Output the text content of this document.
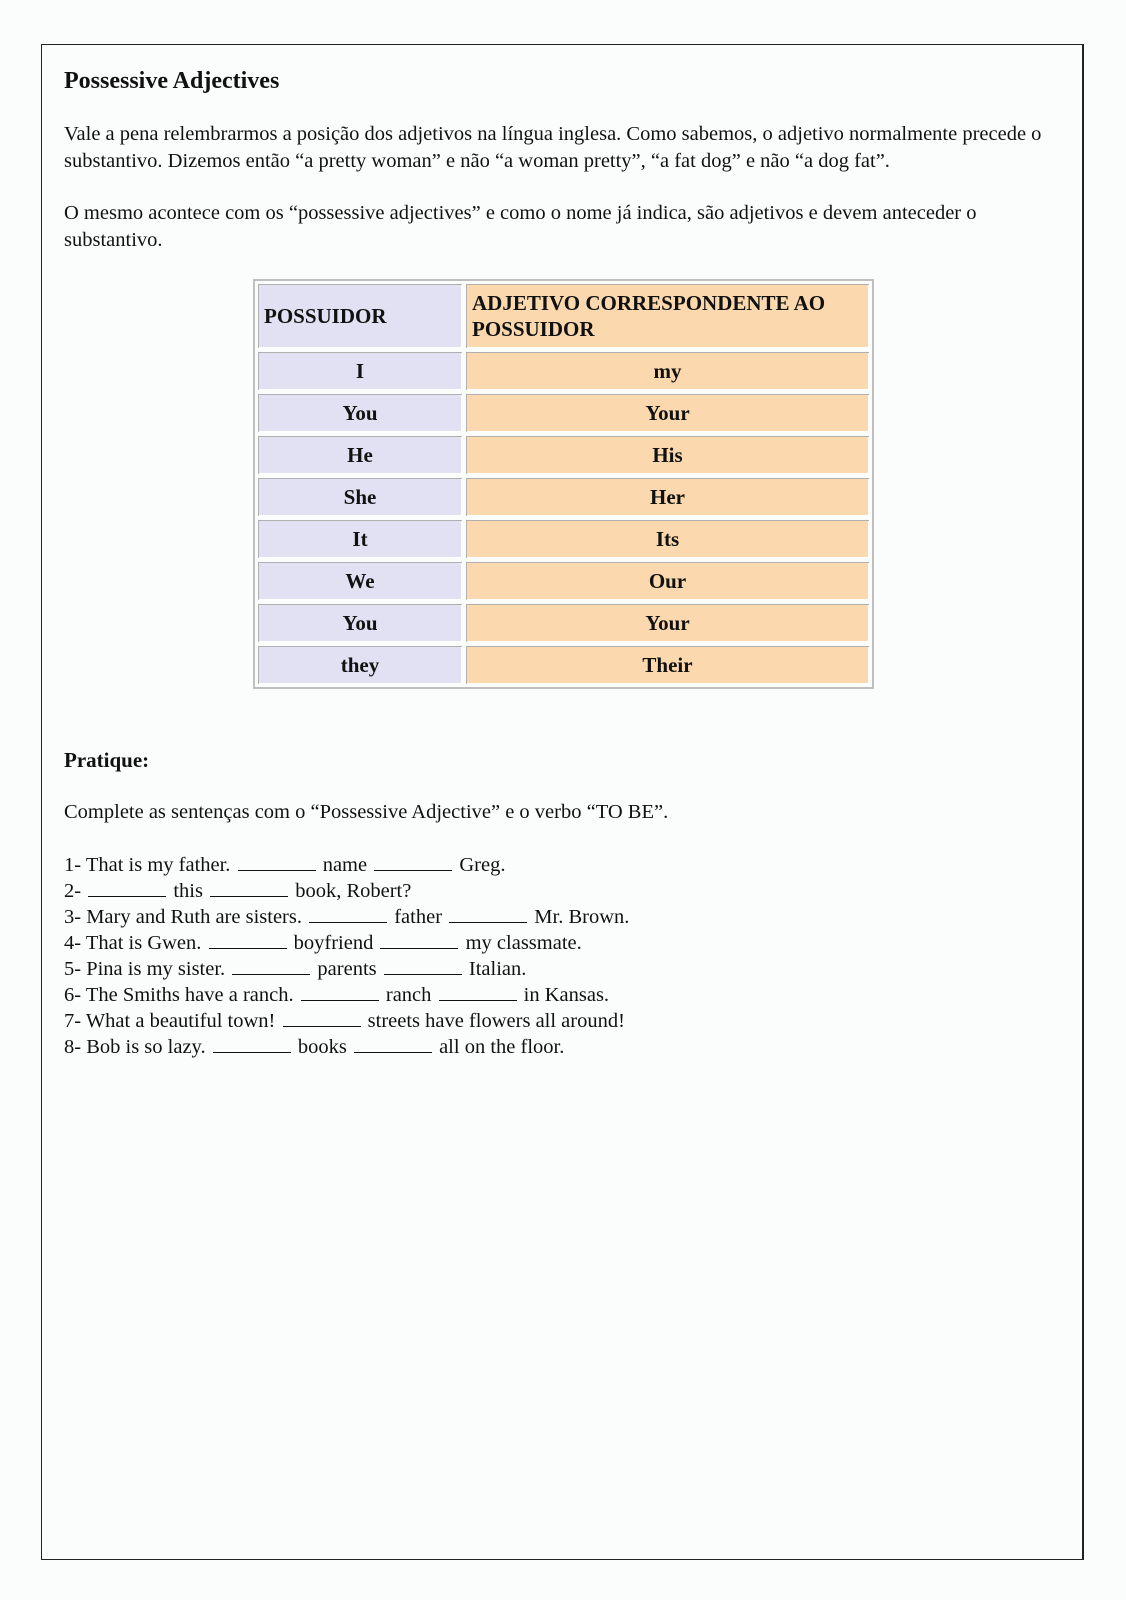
Possessive Adjectives

Vale a pena relembrarmos a posição dos adjetivos na língua inglesa. Como sabemos, o adjetivo normalmente precede o substantivo. Dizemos então “a pretty woman” e não “a woman pretty”, “a fat dog” e não “a dog fat”.

O mesmo acontece com os “possessive adjectives” e como o nome já indica, são adjetivos e devem anteceder o substantivo.

POSSUIDOR	ADJETIVO CORRESPONDENTE AO POSSUIDOR
I	my
You	Your
He	His
She	Her
It	Its
We	Our
You	Your
they	Their
Pratique:

Complete as sentenças com o “Possessive Adjective” e o verbo “TO BE”.

1- That is my father.	name	Greg.
2-	this	book, Robert?
3- Mary and Ruth are sisters.	father	Mr. Brown.
4- That is Gwen.	boyfriend	my classmate.
5- Pina is my sister.	parents	Italian.
6- The Smiths have a ranch.	ranch	in Kansas.
7- What a beautiful town!	streets have flowers all around!
8- Bob is so lazy.	books	all on the floor.
